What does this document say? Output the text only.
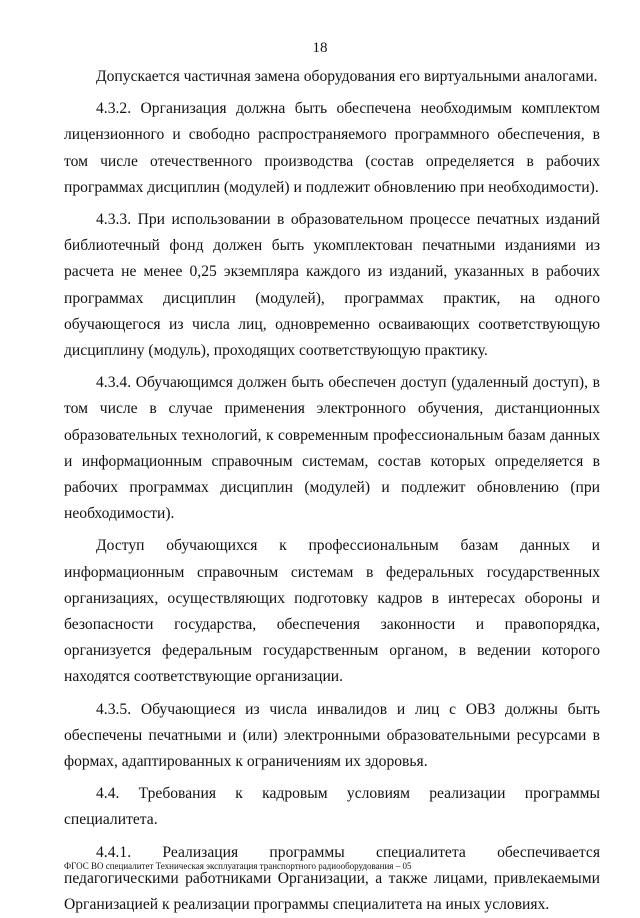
18

Допускается частичная замена оборудования его виртуальными аналогами.

4.3.2. Организация должна быть обеспечена необходимым комплектом лицензионного и свободно распространяемого программного обеспечения, в том числе отечественного производства (состав определяется в рабочих программах дисциплин (модулей) и подлежит обновлению при необходимости).

4.3.3. При использовании в образовательном процессе печатных изданий библиотечный фонд должен быть укомплектован печатными изданиями из расчета не менее 0,25 экземпляра каждого из изданий, указанных в рабочих программах дисциплин (модулей), программах практик, на одного обучающегося из числа лиц, одновременно осваивающих соответствующую дисциплину (модуль), проходящих соответствующую практику.

4.3.4. Обучающимся должен быть обеспечен доступ (удаленный доступ), в том числе в случае применения электронного обучения, дистанционных образовательных технологий, к современным профессиональным базам данных и информационным справочным системам, состав которых определяется в рабочих программах дисциплин (модулей) и подлежит обновлению (при необходимости).

Доступ обучающихся к профессиональным базам данных и информационным справочным системам в федеральных государственных организациях, осуществляющих подготовку кадров в интересах обороны и безопасности государства, обеспечения законности и правопорядка, организуется федеральным государственным органом, в ведении которого находятся соответствующие организации.

4.3.5. Обучающиеся из числа инвалидов и лиц с ОВЗ должны быть обеспечены печатными и (или) электронными образовательными ресурсами в формах, адаптированных к ограничениям их здоровья.

4.4. Требования к кадровым условиям реализации программы специалитета.

4.4.1. Реализация программы специалитета обеспечивается педагогическими работниками Организации, а также лицами, привлекаемыми Организацией к реализации программы специалитета на иных условиях.

ФГОС ВО специалитет Техническая эксплуатация транспортного радиооборудования – 05
